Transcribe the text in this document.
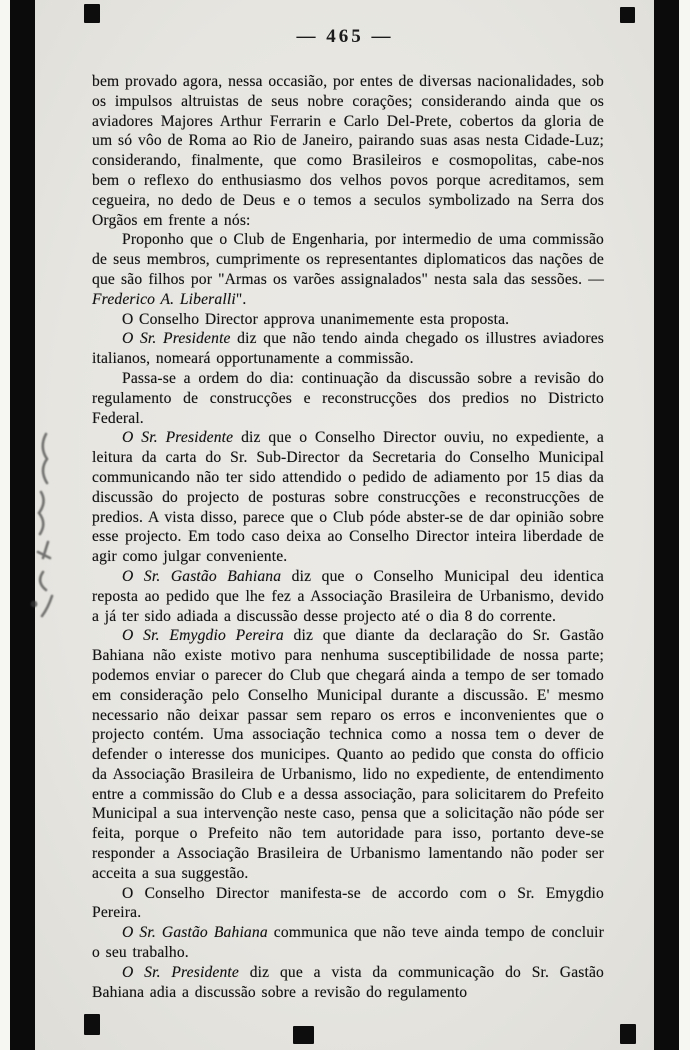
— 465 —

bem provado agora, nessa occasião, por entes de diversas nacionalidades, sob os impulsos altruistas de seus nobre corações; considerando ainda que os aviadores Majores Arthur Ferrarin e Carlo Del-Prete, cobertos da gloria de um só vôo de Roma ao Rio de Janeiro, pairando suas asas nesta Cidade-Luz; considerando, finalmente, que como Brasileiros e cosmopolitas, cabe-nos bem o reflexo do enthusiasmo dos velhos povos porque acreditamos, sem cegueira, no dedo de Deus e o temos a seculos symbolizado na Serra dos Orgãos em frente a nós:

Proponho que o Club de Engenharia, por intermedio de uma commissão de seus membros, cumprimente os representantes diplomaticos das nações de que são filhos por "Armas os varões assignalados" nesta sala das sessões. — Frederico A. Liberalli".

O Conselho Director approva unanimemente esta proposta.

O Sr. Presidente diz que não tendo ainda chegado os illustres aviadores italianos, nomeará opportunamente a commissão.

Passa-se a ordem do dia: continuação da discussão sobre a revisão do regulamento de construcções e reconstrucções dos predios no Districto Federal.

O Sr. Presidente diz que o Conselho Director ouviu, no expediente, a leitura da carta do Sr. Sub-Director da Secretaria do Conselho Municipal communicando não ter sido attendido o pedido de adiamento por 15 dias da discussão do projecto de posturas sobre construcções e reconstrucções de predios. A vista disso, parece que o Club póde abster-se de dar opinião sobre esse projecto. Em todo caso deixa ao Conselho Director inteira liberdade de agir como julgar conveniente.

O Sr. Gastão Bahiana diz que o Conselho Municipal deu identica reposta ao pedido que lhe fez a Associação Brasileira de Urbanismo, devido a já ter sido adiada a discussão desse projecto até o dia 8 do corrente.

O Sr. Emygdio Pereira diz que diante da declaração do Sr. Gastão Bahiana não existe motivo para nenhuma susceptibilidade de nossa parte; podemos enviar o parecer do Club que chegará ainda a tempo de ser tomado em consideração pelo Conselho Municipal durante a discussão. E' mesmo necessario não deixar passar sem reparo os erros e inconvenientes que o projecto contém. Uma associação technica como a nossa tem o dever de defender o interesse dos municipes. Quanto ao pedido que consta do officio da Associação Brasileira de Urbanismo, lido no expediente, de entendimento entre a commissão do Club e a dessa associação, para solicitarem do Prefeito Municipal a sua intervenção neste caso, pensa que a solicitação não póde ser feita, porque o Prefeito não tem autoridade para isso, portanto deve-se responder a Associação Brasileira de Urbanismo lamentando não poder ser acceita a sua suggestão.

O Conselho Director manifesta-se de accordo com o Sr. Emygdio Pereira.

O Sr. Gastão Bahiana communica que não teve ainda tempo de concluir o seu trabalho.

O Sr. Presidente diz que a vista da communicação do Sr. Gastão Bahiana adia a discussão sobre a revisão do regulamento
